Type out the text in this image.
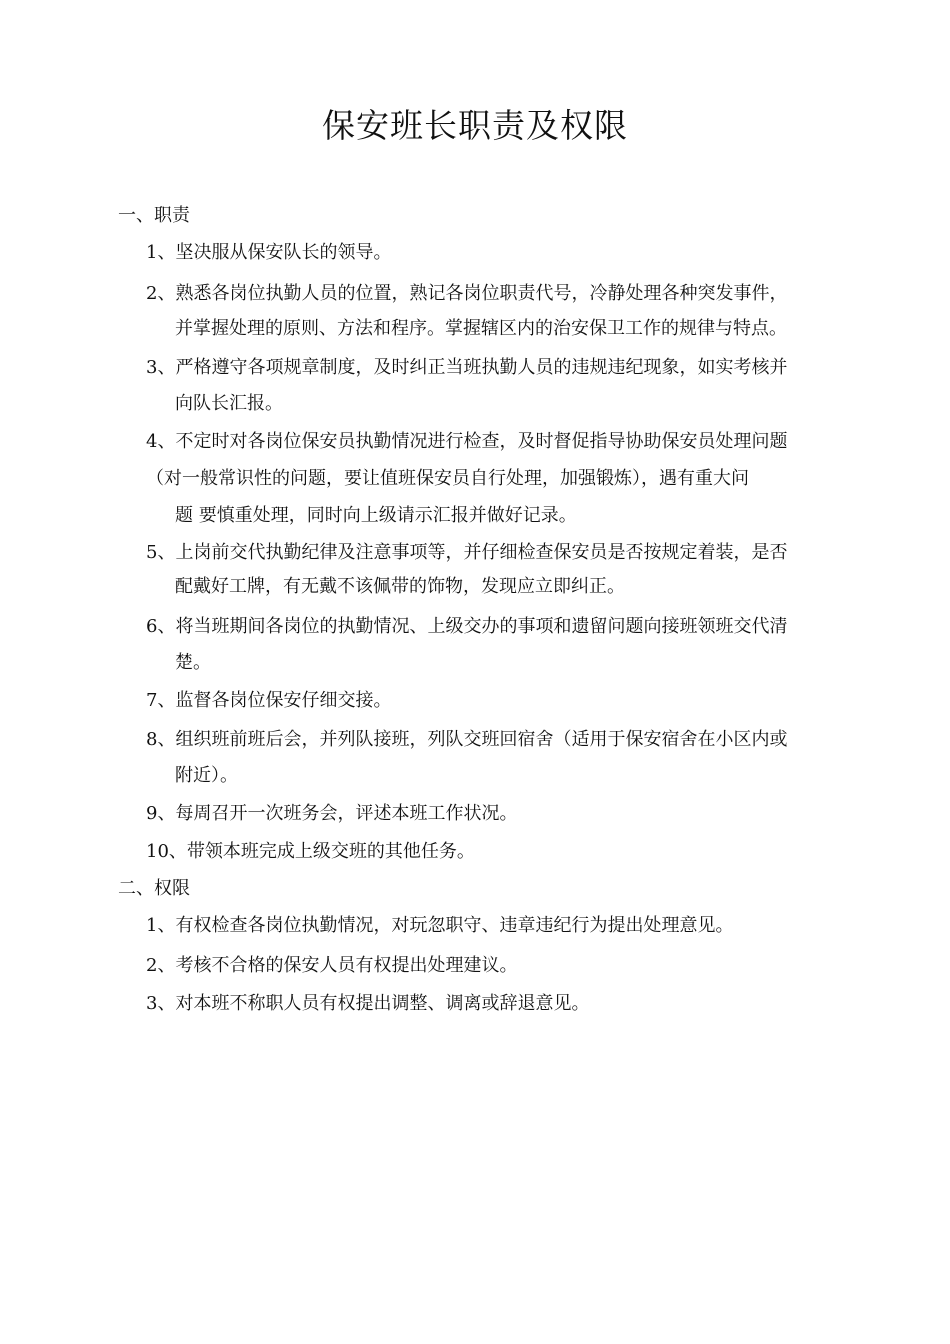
保安班长职责及权限
一、职责
1、坚决服从保安队长的领导。
2、熟悉各岗位执勤人员的位置，熟记各岗位职责代号，冷静处理各种突发事件，
并掌握处理的原则、方法和程序。掌握辖区内的治安保卫工作的规律与特点。
3、严格遵守各项规章制度，及时纠正当班执勤人员的违规违纪现象，如实考核并
向队长汇报。
4、不定时对各岗位保安员执勤情况进行检查，及时督促指导协助保安员处理问题
（对一般常识性的问题，要让值班保安员自行处理，加强锻炼），遇有重大问
题 要慎重处理，同时向上级请示汇报并做好记录。
5、上岗前交代执勤纪律及注意事项等，并仔细检查保安员是否按规定着装，是否
配戴好工牌，有无戴不该佩带的饰物，发现应立即纠正。
6、将当班期间各岗位的执勤情况、上级交办的事项和遗留问题向接班领班交代清
楚。
7、监督各岗位保安仔细交接。
8、组织班前班后会，并列队接班，列队交班回宿舍（适用于保安宿舍在小区内或
附近）。
9、每周召开一次班务会，评述本班工作状况。
10、带领本班完成上级交班的其他任务。
二、权限
1、有权检查各岗位执勤情况，对玩忽职守、违章违纪行为提出处理意见。
2、考核不合格的保安人员有权提出处理建议。
3、对本班不称职人员有权提出调整、调离或辞退意见。
